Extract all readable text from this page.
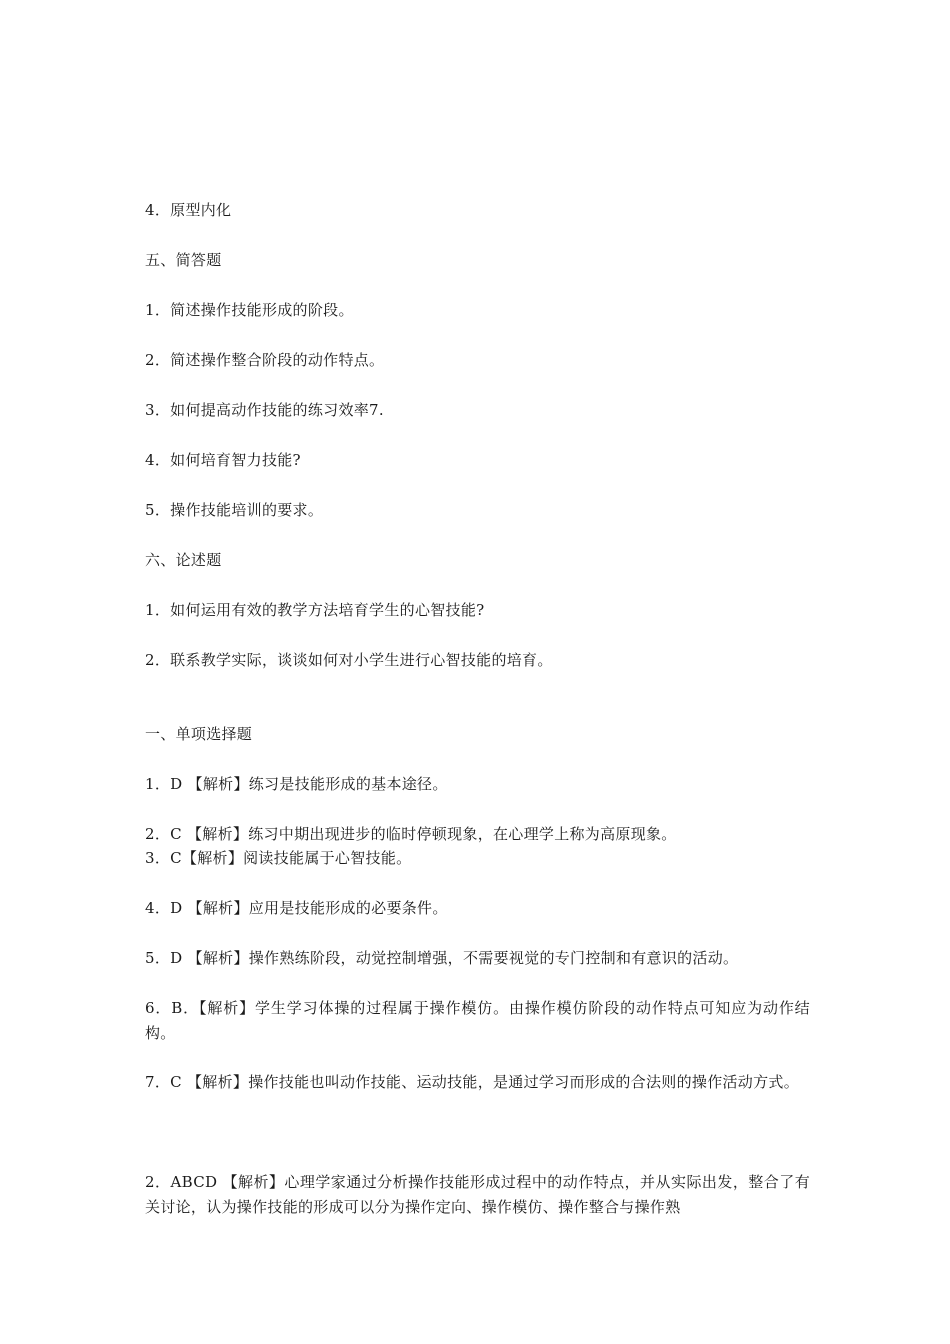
4．原型内化
五、简答题
1．简述操作技能形成的阶段。
2．简述操作整合阶段的动作特点。
3．如何提高动作技能的练习效率7.
4．如何培育智力技能?
5．操作技能培训的要求。
六、论述题
1．如何运用有效的教学方法培育学生的心智技能?
2．联系教学实际，谈谈如何对小学生进行心智技能的培育。
一、单项选择题
1．D 【解析】练习是技能形成的基本途径。
2．C 【解析】练习中期出现进步的临时停顿现象，在心理学上称为高原现象。
3．C【解析】阅读技能属于心智技能。
4．D 【解析】应用是技能形成的必要条件。
5．D 【解析】操作熟练阶段，动觉控制增强，不需要视觉的专门控制和有意识的活动。
6．B．【解析】学生学习体操的过程属于操作模仿。由操作模仿阶段的动作特点可知应为动作结构。
7．C 【解析】操作技能也叫动作技能、运动技能，是通过学习而形成的合法则的操作活动方式。
2．ABCD 【解析】心理学家通过分析操作技能形成过程中的动作特点，并从实际出发，整合了有关讨论，认为操作技能的形成可以分为操作定向、操作模仿、操作整合与操作熟
